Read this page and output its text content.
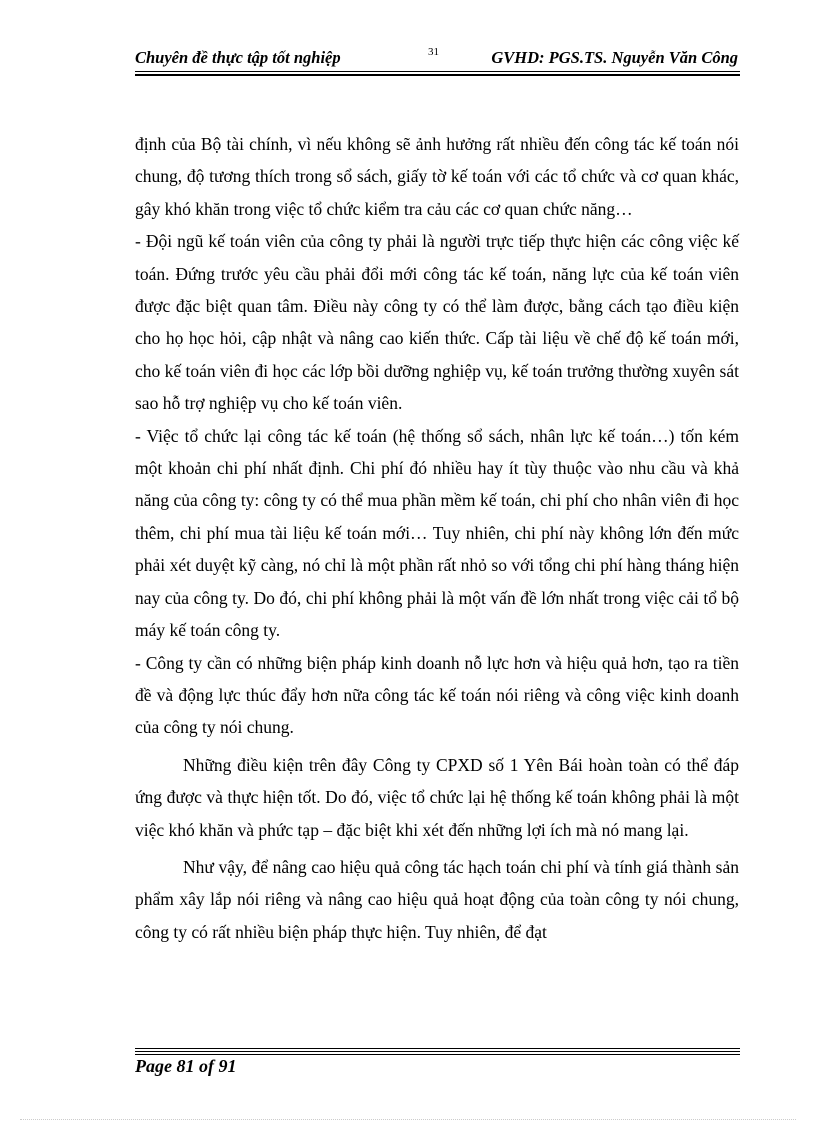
Chuyên đề thực tập tốt nghiệp	31	GVHD: PGS.TS. Nguyễn Văn Công

định của Bộ tài chính, vì nếu không sẽ ảnh hưởng rất nhiều đến công tác kế toán nói chung, độ tương thích trong sổ sách, giấy tờ kế toán với các tổ chức và cơ quan khác, gây khó khăn trong việc tổ chức kiểm tra cảu các cơ quan chức năng…

- Đội ngũ kế toán viên của công ty phải là người trực tiếp thực hiện các công việc kế toán. Đứng trước yêu cầu phải đổi mới công tác kế toán, năng lực của kế toán viên được đặc biệt quan tâm. Điều này công ty có thể làm được, bằng cách tạo điều kiện cho họ học hỏi, cập nhật và nâng cao kiến thức. Cấp tài liệu về chế độ kế toán mới, cho kế toán viên đi học các lớp bồi dưỡng nghiệp vụ, kế toán trưởng thường xuyên sát sao hỗ trợ nghiệp vụ cho kế toán viên.

- Việc tổ chức lại công tác kế toán (hệ thống sổ sách, nhân lực kế toán…) tốn kém một khoản chi phí nhất định. Chi phí đó nhiều hay ít tùy thuộc vào nhu cầu và khả năng của công ty: công ty có thể mua phần mềm kế toán, chi phí cho nhân viên đi học thêm, chi phí mua tài liệu kế toán mới… Tuy nhiên, chi phí này không lớn đến mức phải xét duyệt kỹ càng, nó chỉ là một phần rất nhỏ so với tổng chi phí hàng tháng hiện nay của công ty. Do đó, chi phí không phải là một vấn đề lớn nhất trong việc cải tổ bộ máy kế toán công ty.

- Công ty cần có những biện pháp kinh doanh nỗ lực hơn và hiệu quả hơn, tạo ra tiền đề và động lực thúc đẩy hơn nữa công tác kế toán nói riêng và công việc kinh doanh của công ty nói chung.

Những điều kiện trên đây Công ty CPXD số 1 Yên Bái hoàn toàn có thể đáp ứng được và thực hiện tốt. Do đó, việc tổ chức lại hệ thống kế toán không phải là một việc khó khăn và phức tạp – đặc biệt khi xét đến những lợi ích mà nó mang lại.

Như vậy, để nâng cao hiệu quả công tác hạch toán chi phí và tính giá thành sản phẩm xây lắp nói riêng và nâng cao hiệu quả hoạt động của toàn công ty nói chung, công ty có rất nhiều biện pháp thực hiện. Tuy nhiên, để đạt

Page 81 of 91
